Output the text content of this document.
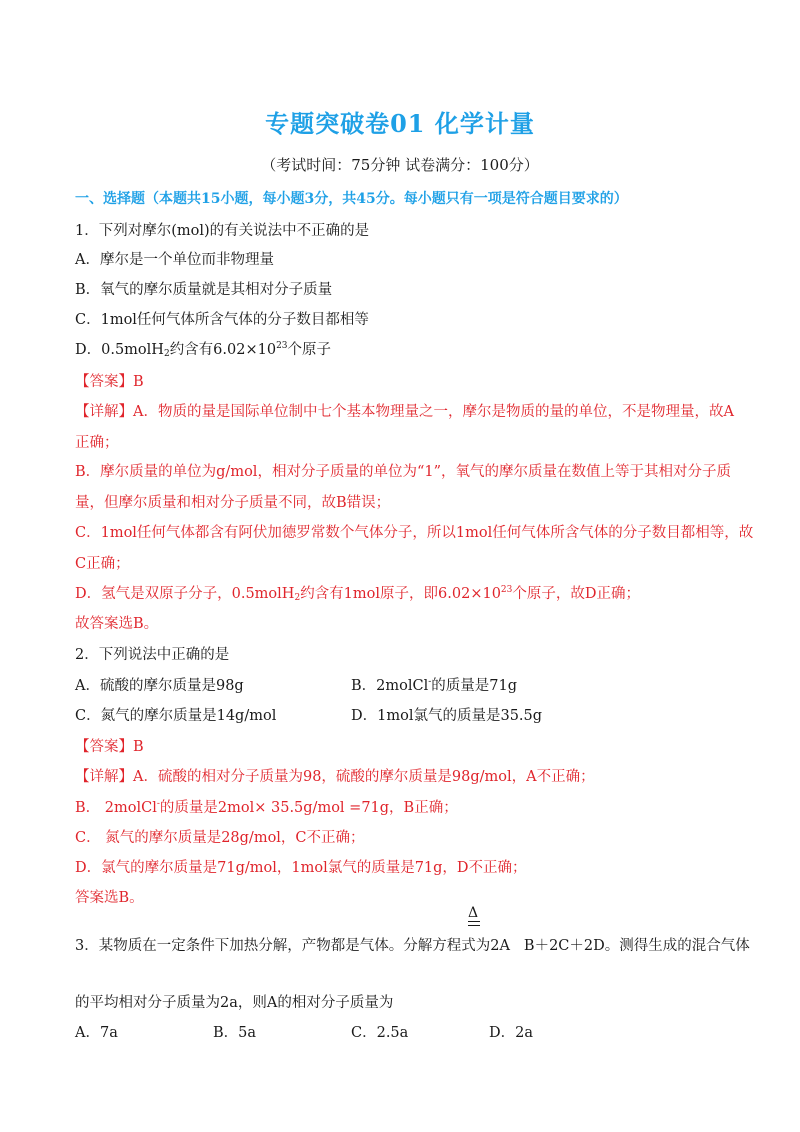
专题突破卷01 化学计量
（考试时间：75分钟 试卷满分：100分）
一、选择题（本题共15小题，每小题3分，共45分。每小题只有一项是符合题目要求的）
1．下列对摩尔(mol)的有关说法中不正确的是
A．摩尔是一个单位而非物理量
B．氧气的摩尔质量就是其相对分子质量
C．1mol任何气体所含气体的分子数目都相等
D．0.5molH$_2$约含有$6.02\times 10^{23}$个原子
【答案】B
【详解】A．物质的量是国际单位制中七个基本物理量之一，摩尔是物质的量的单位，不是物理量，故A
正确；
B．摩尔质量的单位为g/mol，相对分子质量的单位为“1”，氧气的摩尔质量在数值上等于其相对分子质
量，但摩尔质量和相对分子质量不同，故B错误；
C．1mol任何气体都含有阿伏加德罗常数个气体分子，所以1mol任何气体所含气体的分子数目都相等，故
C正确；
D．氢气是双原子分子，0.5molH$_2$约含有1mol原子，即$6.02\times 10^{23}$个原子，故D正确；
故答案选B。
2．下列说法中正确的是
A．硫酸的摩尔质量是98g	B．2molCl-的质量是71g
C．氮气的摩尔质量是14g/mol	D．1mol氯气的质量是35.5g
【答案】B
【详解】A．硫酸的相对分子质量为98，硫酸的摩尔质量是98g/mol，A不正确；
B． 2molCl-的质量是2mol× 35.5g/mol =71g，B正确；
C． 氮气的摩尔质量是28g/mol，C不正确；
D．氯气的摩尔质量是71g/mol，1mol氯气的质量是71g，D不正确；
答案选B。
Δ
3．某物质在一定条件下加热分解，产物都是气体。分解方程式为2A B＋2C＋2D。测得生成的混合气体
的平均相对分子质量为2a，则A的相对分子质量为
A．7a	B．5a	C．2.5a	D．2a
